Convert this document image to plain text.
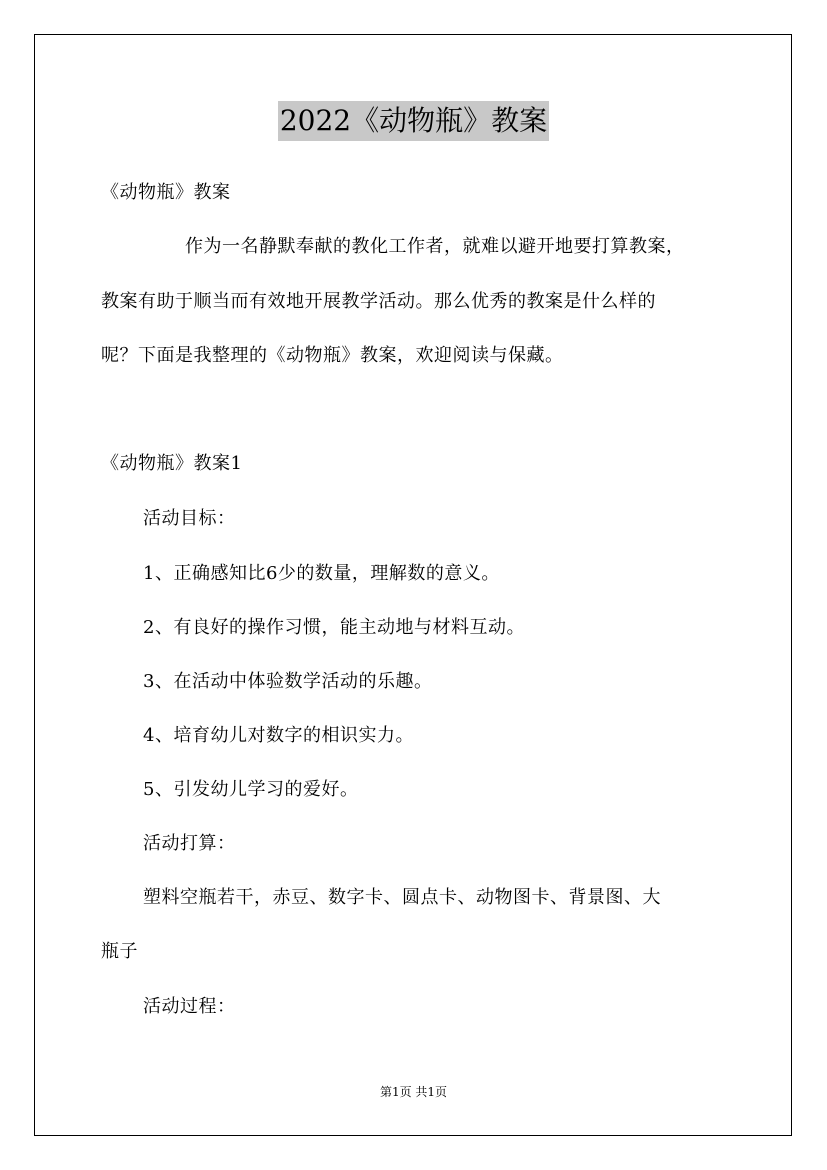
2022《动物瓶》教案
《动物瓶》教案
作为一名静默奉献的教化工作者，就难以避开地要打算教案，
教案有助于顺当而有效地开展教学活动。那么优秀的教案是什么样的
呢？下面是我整理的《动物瓶》教案，欢迎阅读与保藏。
《动物瓶》教案1
活动目标：
1、正确感知比6少的数量，理解数的意义。
2、有良好的操作习惯，能主动地与材料互动。
3、在活动中体验数学活动的乐趣。
4、培育幼儿对数字的相识实力。
5、引发幼儿学习的爱好。
活动打算：
塑料空瓶若干，赤豆、数字卡、圆点卡、动物图卡、背景图、大
瓶子
活动过程：
第1页 共1页
